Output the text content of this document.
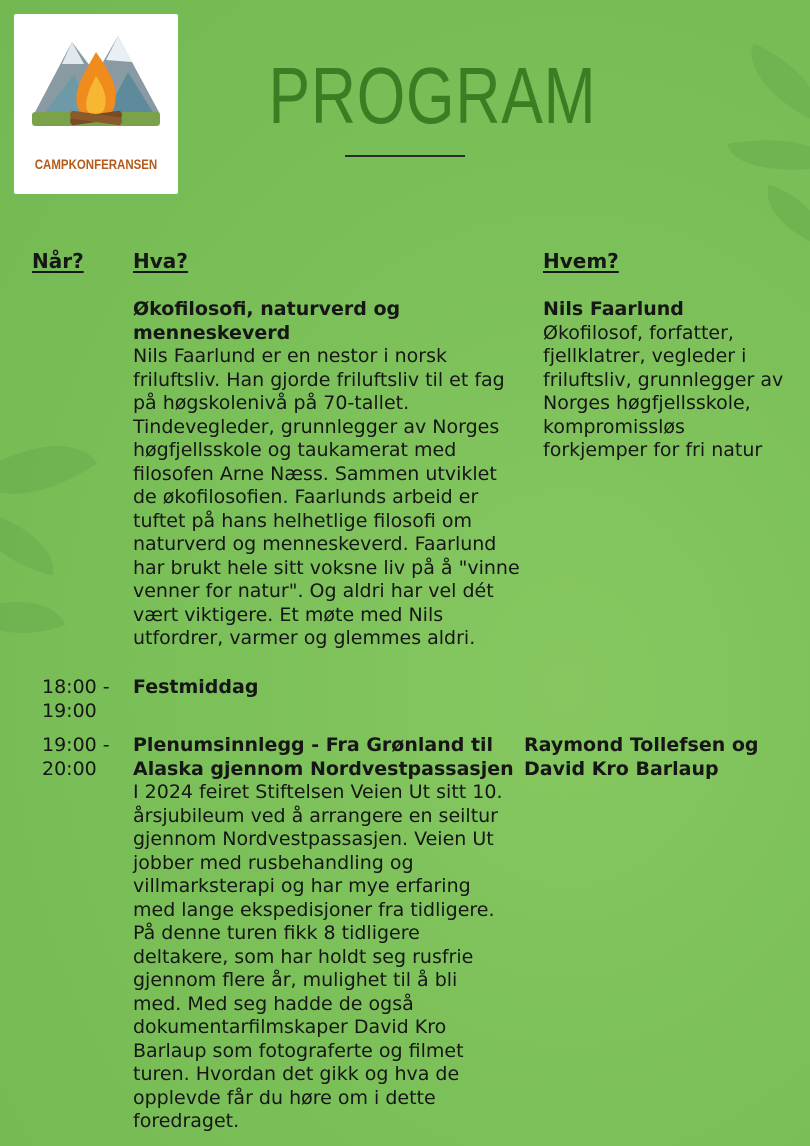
CAMPKONFERANSEN
PROGRAM
Når? Hva?	Hvem?
Økofilosofi, naturverd og
menneskeverd
Nils Faarlund er en nestor i norsk
friluftsliv. Han gjorde friluftsliv til et fag
på høgskolenivå på 70-tallet.
Tindevegleder, grunnlegger av Norges
høgfjellsskole og taukamerat med
filosofen Arne Næss. Sammen utviklet
de økofilosofien. Faarlunds arbeid er
tuftet på hans helhetlige filosofi om
naturverd og menneskeverd. Faarlund
har brukt hele sitt voksne liv på å "vinne
venner for natur". Og aldri har vel dét
vært viktigere. Et møte med Nils
utfordrer, varmer og glemmes aldri.
Nils Faarlund
Økofilosof, forfatter,
fjellklatrer, vegleder i
friluftsliv, grunnlegger av
Norges høgfjellsskole,
kompromissløs
forkjemper for fri natur
18:00 -
19:00
Festmiddag
19:00 -
20:00
Plenumsinnlegg - Fra Grønland til
Alaska gjennom Nordvestpassasjen
I 2024 feiret Stiftelsen Veien Ut sitt 10.
årsjubileum ved å arrangere en seiltur
gjennom Nordvestpassasjen. Veien Ut
jobber med rusbehandling og
villmarksterapi og har mye erfaring
med lange ekspedisjoner fra tidligere.
På denne turen fikk 8 tidligere
deltakere, som har holdt seg rusfrie
gjennom flere år, mulighet til å bli
med. Med seg hadde de også
dokumentarfilmskaper David Kro
Barlaup som fotograferte og filmet
turen. Hvordan det gikk og hva de
opplevde får du høre om i dette
foredraget.
Raymond Tollefsen og
David Kro Barlaup
